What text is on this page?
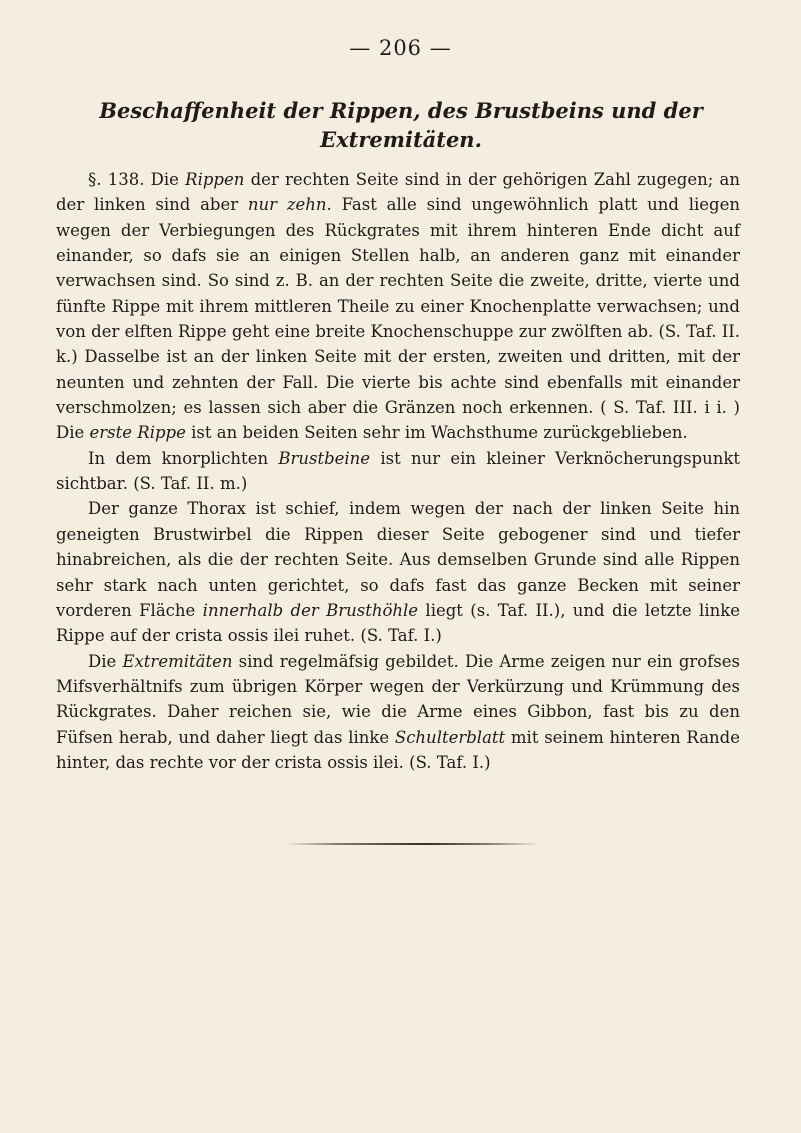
— 206 —
Beschaffenheit der Rippen, des Brustbeins und der Extremitäten.

§. 138. Die Rippen der rechten Seite sind in der gehörigen Zahl zugegen; an der linken sind aber nur zehn. Fast alle sind ungewöhnlich platt und liegen wegen der Verbiegungen des Rückgrates mit ihrem hinteren Ende dicht auf einander, so dafs sie an einigen Stellen halb, an anderen ganz mit einander verwachsen sind. So sind z. B. an der rechten Seite die zweite, dritte, vierte und fünfte Rippe mit ihrem mittleren Theile zu einer Knochenplatte verwachsen; und von der elften Rippe geht eine breite Knochenschuppe zur zwölften ab. (S. Taf. II. k.) Dasselbe ist an der linken Seite mit der ersten, zweiten und dritten, mit der neunten und zehnten der Fall. Die vierte bis achte sind ebenfalls mit einander verschmolzen; es lassen sich aber die Gränzen noch erkennen. ( S. Taf. III. i i. ) Die erste Rippe ist an beiden Seiten sehr im Wachsthume zurückgeblieben.

In dem knorplichten Brustbeine ist nur ein kleiner Verknöcherungspunkt sichtbar. (S. Taf. II. m.)

Der ganze Thorax ist schief, indem wegen der nach der linken Seite hin geneigten Brustwirbel die Rippen dieser Seite gebogener sind und tiefer hinabreichen, als die der rechten Seite. Aus demselben Grunde sind alle Rippen sehr stark nach unten gerichtet, so dafs fast das ganze Becken mit seiner vorderen Fläche innerhalb der Brusthöhle liegt (s. Taf. II.), und die letzte linke Rippe auf der crista ossis ilei ruhet. (S. Taf. I.)

Die Extremitäten sind regelmäfsig gebildet. Die Arme zeigen nur ein grofses Mifsverhältnifs zum übrigen Körper wegen der Verkürzung und Krümmung des Rückgrates. Daher reichen sie, wie die Arme eines Gibbon, fast bis zu den Füfsen herab, und daher liegt das linke Schulterblatt mit seinem hinteren Rande hinter, das rechte vor der crista ossis ilei. (S. Taf. I.)
